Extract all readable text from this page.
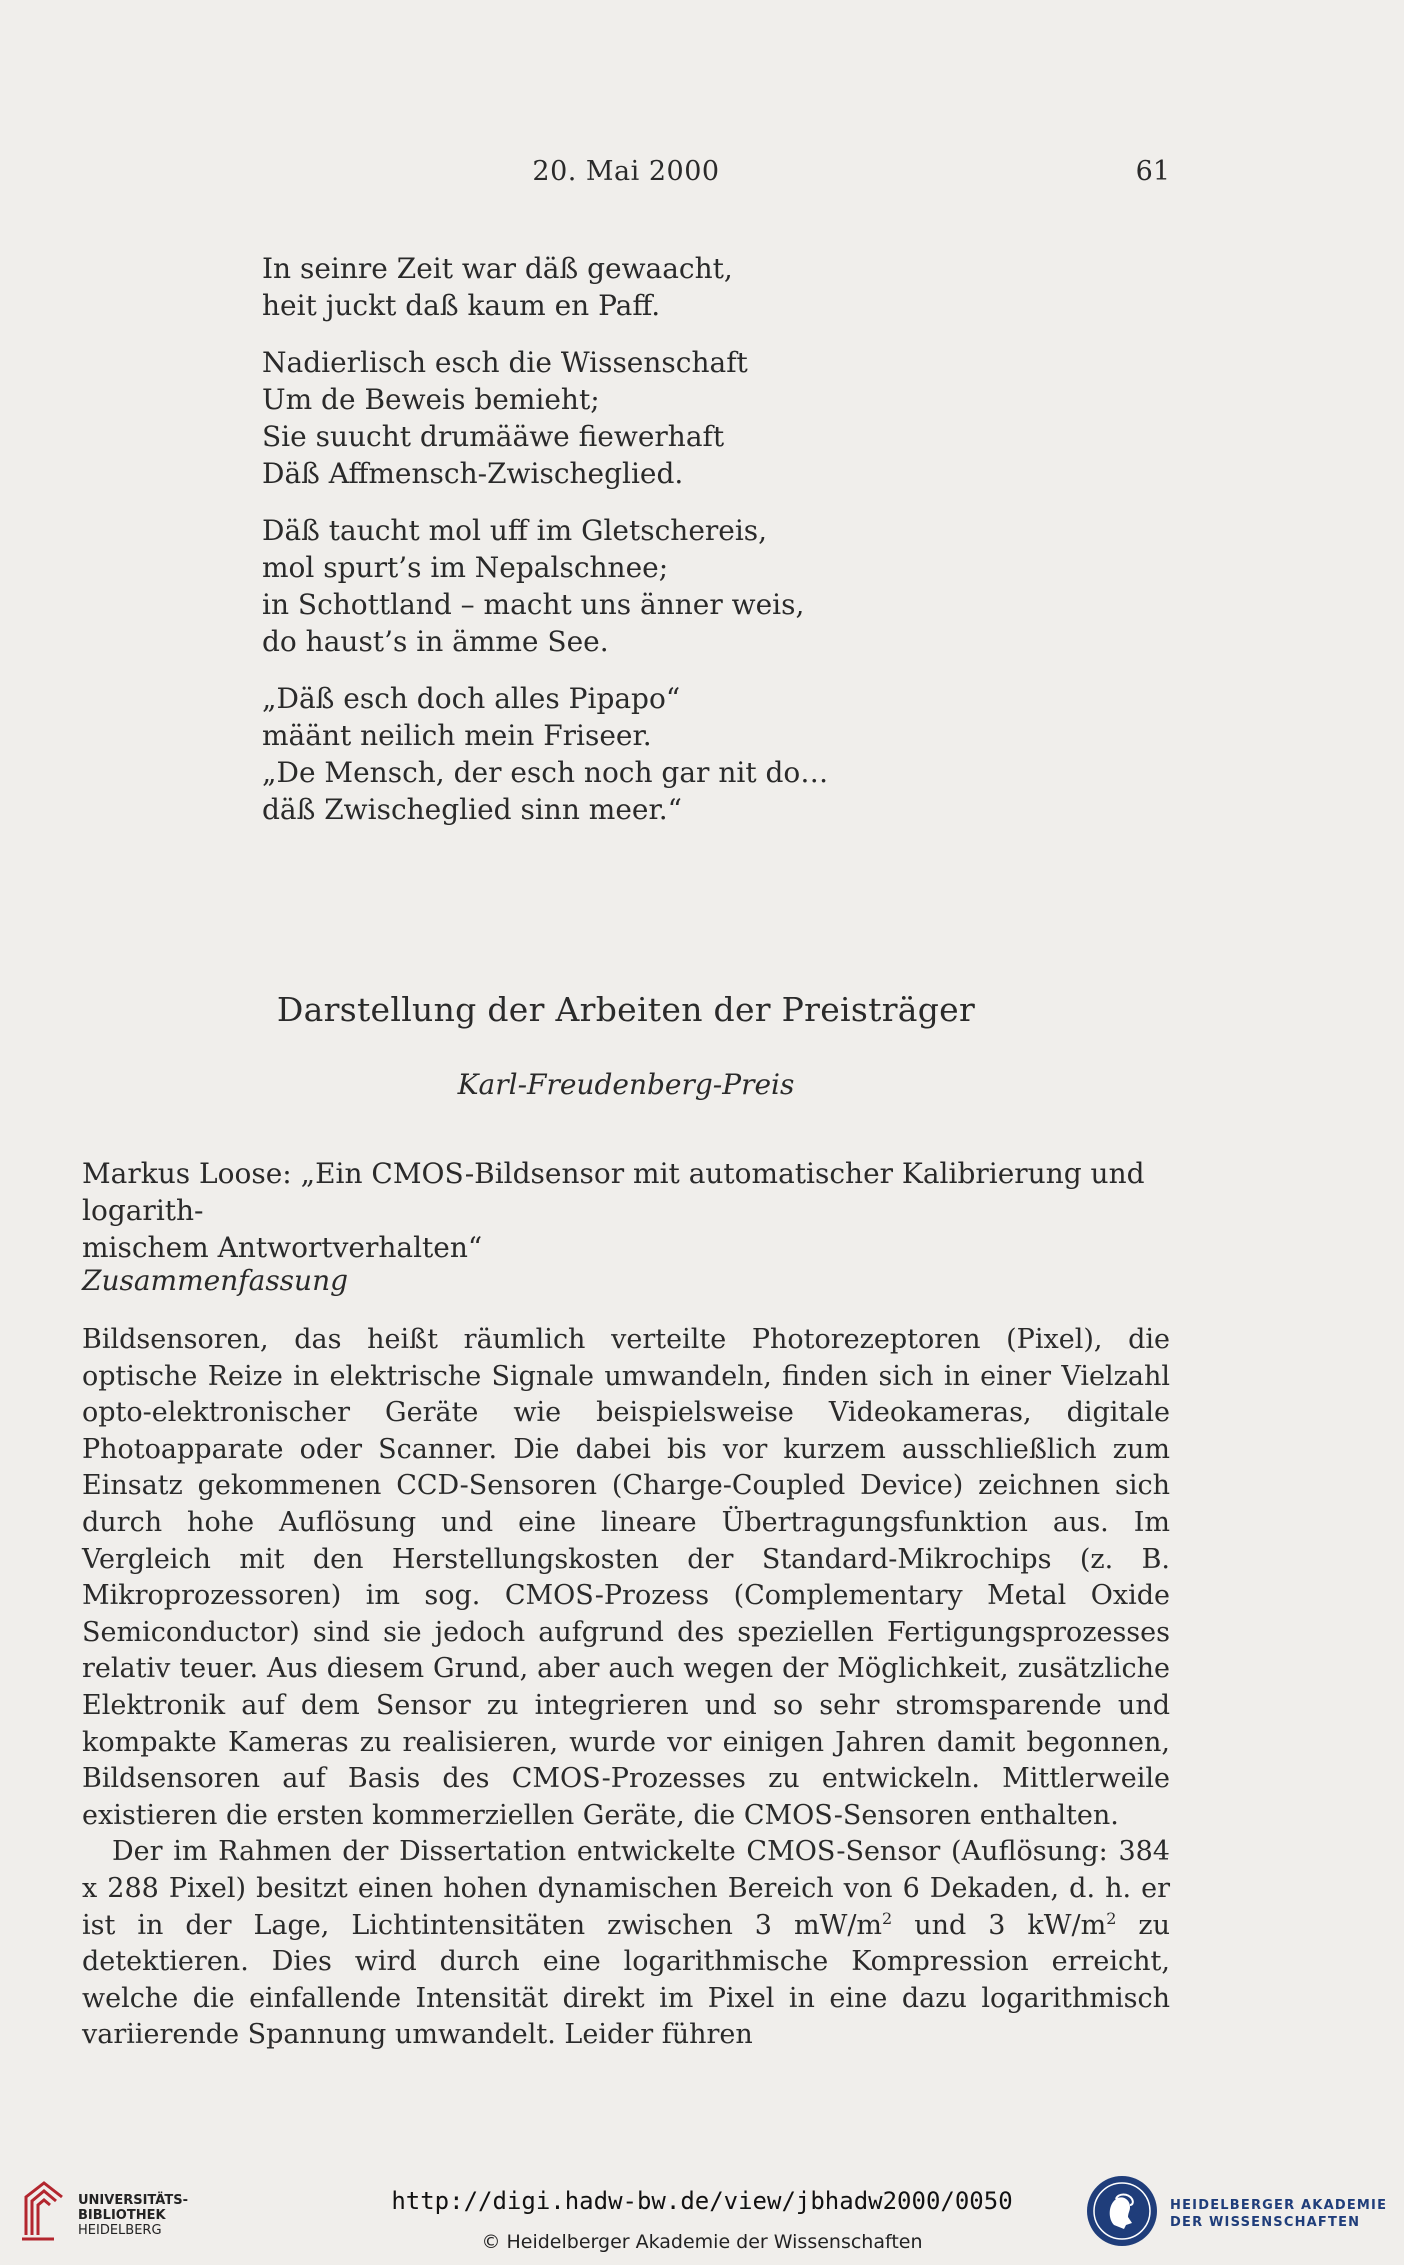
20. Mai 2000	61
In seinre Zeit war däß gewaacht,
heit juckt daß kaum en Paff.
Nadierlisch esch die Wissenschaft
Um de Beweis bemieht;
Sie suucht drumääwe fiewerhaft
Däß Affmensch-Zwischeglied.
Däß taucht mol uff im Gletschereis,
mol spurt’s im Nepalschnee;
in Schottland – macht uns änner weis,
do haust’s in ämme See.
„Däß esch doch alles Pipapo“
määnt neilich mein Friseer.
„De Mensch, der esch noch gar nit do…
däß Zwischeglied sinn meer.“
Darstellung der Arbeiten der Preisträger
Karl-Freudenberg-Preis
Markus Loose: „Ein CMOS-Bildsensor mit automatischer Kalibrierung und logarith-
mischem Antwortverhalten“
Zusammenfassung

Bildsensoren, das heißt räumlich verteilte Photorezeptoren (Pixel), die optische Reize in elektrische Signale umwandeln, finden sich in einer Vielzahl opto-elektronischer Geräte wie beispielsweise Videokameras, digitale Photoapparate oder Scanner. Die dabei bis vor kurzem ausschließlich zum Einsatz gekommenen CCD-Sensoren (Charge-Coupled Device) zeichnen sich durch hohe Auflösung und eine lineare Übertragungsfunktion aus. Im Vergleich mit den Herstellungskosten der Standard-Mikrochips (z. B. Mikroprozessoren) im sog. CMOS-Prozess (Complementary Metal Oxide Semiconductor) sind sie jedoch aufgrund des speziellen Fertigungsprozesses relativ teuer. Aus diesem Grund, aber auch wegen der Möglichkeit, zusätzliche Elektronik auf dem Sensor zu integrieren und so sehr stromsparende und kompakte Kameras zu realisieren, wurde vor einigen Jahren damit begonnen, Bildsensoren auf Basis des CMOS-Prozesses zu entwickeln. Mittlerweile existieren die ersten kommerziellen Geräte, die CMOS-Sensoren enthalten.

Der im Rahmen der Dissertation entwickelte CMOS-Sensor (Auflösung: 384 x 288 Pixel) besitzt einen hohen dynamischen Bereich von 6 Dekaden, d. h. er ist in der Lage, Lichtintensitäten zwischen 3 $mW/m^2$ und 3 $kW/m^2$ zu detektieren. Dies wird durch eine logarithmische Kompression erreicht, welche die einfallende Intensität direkt im Pixel in eine dazu logarithmisch variierende Spannung umwandelt. Leider führen

UNIVERSITÄTS-
BIBLIOTHEK
HEIDELBERG
http://digi.hadw-bw.de/view/jbhadw2000/0050
© Heidelberger Akademie der Wissenschaften
HEIDELBERGER AKADEMIE
DER WISSENSCHAFTEN
